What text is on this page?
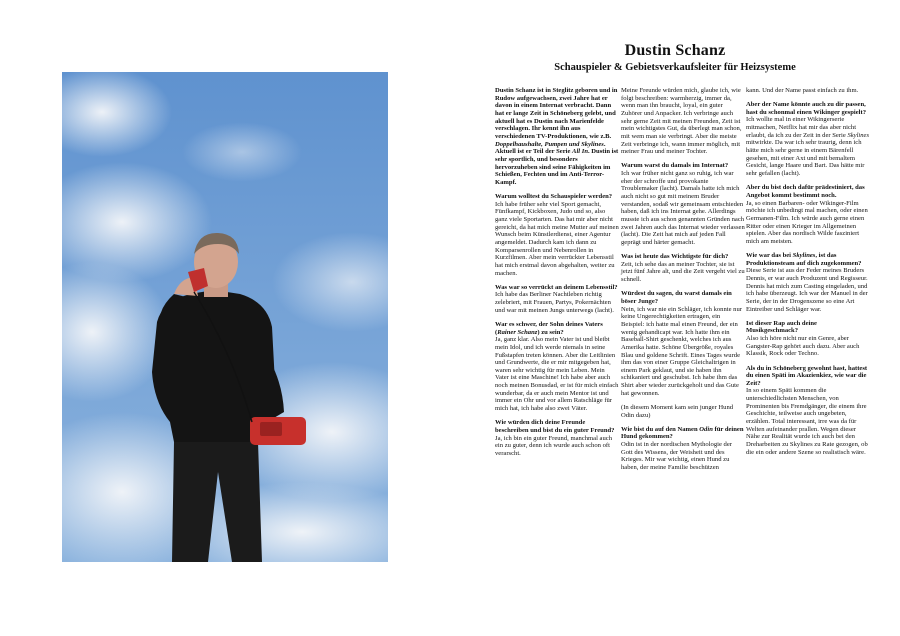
Dustin Schanz
Schauspieler & Gebietsverkaufsleiter für Heizsysteme

Dustin Schanz ist in Steglitz geboren und in Rudow aufgewachsen, zwei Jahre hat er davon in einem Internat verbracht. Dann hat er lange Zeit in Schöneberg gelebt, und aktuell hat es Dustin nach Marienfelde verschlagen. Ihr kennt ihn aus verschiedenen TV-Produktionen, wie z.B. Doppelhaushalte, Pumpen und Skylines. Aktuell ist er Teil der Serie All In. Dustin ist sehr sportlich, und besonders hervorzuheben sind seine Fähigkeiten im Schießen, Fechten und im Anti-Terror-Kampf.

Warum wolltest du Schauspieler werden?

Ich habe früher sehr viel Sport gemacht, Fünfkampf, Kickboxen, Judo und so, also ganz viele Sportarten. Das hat mir aber nicht gereicht, da hat mich meine Mutter auf meinen Wunsch beim Künstlerdienst, einer Agentur angemeldet. Dadurch kam ich dann zu Komparsenrollen und Nebenrollen in Kurzfilmen. Aber mein verrückter Lebensstil hat mich erstmal davon abgehalten, weiter zu machen.

Was war so verrückt an deinem Lebensstil?

Ich habe das Berliner Nachtleben richtig zelebriert, mit Frauen, Partys, Pokernächten und war mit meinen Jungs unterwegs (lacht).

War es schwer, der Sohn deines Vaters (Rainer Schanz) zu sein?

Ja, ganz klar. Also mein Vater ist und bleibt mein Idol, und ich werde niemals in seine Fußstapfen treten können. Aber die Leitlinien und Grundwerte, die er mir mitgegeben hat, waren sehr wichtig für mein Leben. Mein Vater ist eine Maschine! Ich habe aber auch noch meinen Bonusdad, er ist für mich einfach wunderbar, da er auch mein Mentor ist und immer ein Ohr und vor allem Ratschläge für mich hat, ich habe also zwei Väter.

Wie würden dich deine Freunde beschreiben und bist du ein guter Freund?

Ja, ich bin ein guter Freund, manchmal auch ein zu guter, denn ich wurde auch schon oft verarscht.

Meine Freunde würden mich, glaube ich, wie folgt beschreiben: warmherzig, immer da, wenn man ihn braucht, loyal, ein guter Zuhörer und Anpacker. Ich verbringe auch sehr gerne Zeit mit meinen Freunden, Zeit ist mein wichtigstes Gut, da überlegt man schon, mit wem man sie verbringt. Aber die meiste Zeit verbringe ich, wann immer möglich, mit meiner Frau und meiner Tochter.

Warum warst du damals im Internat?

Ich war früher nicht ganz so ruhig, ich war eher der schroffe und provokante Troublemaker (lacht). Damals hatte ich mich auch nicht so gut mit meinem Bruder verstanden, sodaß wir gemeinsam entschieden haben, daß ich ins Internat gehe. Allerdings musste ich aus schon genannten Gründen nach zwei Jahren auch das Internat wieder verlassen (lacht). Die Zeit hat mich auf jeden Fall geprägt und härter gemacht.

Was ist heute das Wichtigste für dich?

Zeit, ich sehe das an meiner Tochter, sie ist jetzt fünf Jahre alt, und die Zeit vergeht viel zu schnell.

Würdest du sagen, du warst damals ein böser Junge?

Nein, ich war nie ein Schläger, ich konnte nur keine Ungerechtigkeiten ertragen, ein Beispiel: ich hatte mal einen Freund, der ein wenig gehandicapt war. Ich hatte ihm ein Baseball-Shirt geschenkt, welches ich aus Amerika hatte. Schöne Übergröße, royales Blau und goldene Schrift. Eines Tages wurde ihm das von einer Gruppe Gleichaltrigen in einem Park geklaut, und sie haben ihn schikaniert und geschubst. Ich habe ihm das Shirt aber wieder zurückgeholt und das Gute hat gewonnen.

(In diesem Moment kam sein junger Hund Odin dazu)

Wie bist du auf den Namen Odin für deinen Hund gekommen?

Odin ist in der nordischen Mythologie der Gott des Wissens, der Weisheit und des Krieges. Mir war wichtig, einen Hund zu haben, der meine Familie beschützen

kann. Und der Name passt einfach zu ihm.

Aber der Name könnte auch zu dir passen, hast du schonmal einen Wikinger gespielt?

Ich wollte mal in einer Wikingerserie mitmachen, Netflix hat mir das aber nicht erlaubt, da ich zu der Zeit in der Serie Skylines mitwirkte. Da war ich sehr traurig, denn ich hätte mich sehr gerne in einem Bärenfell gesehen, mit einer Axt und mit bemaltem Gesicht, lange Haare und Bart. Das hätte mir sehr gefallen (lacht).

Aber du bist doch dafür prädestiniert, das Angebot kommt bestimmt noch.

Ja, so einen Barbaren- oder Wikinger-Film möchte ich unbedingt mal machen, oder einen Germanen-Film. Ich würde auch gerne einen Ritter oder einen Krieger im Allgemeinen spielen. Aber das nordisch Wilde fasziniert mich am meisten.

Wie war das bei Skylines, ist das Produktionsteam auf dich zugekommen?

Diese Serie ist aus der Feder meines Bruders Dennis, er war auch Produzent und Regisseur. Dennis hat mich zum Casting eingeladen, und ich habe überzeugt. Ich war der Manuel in der Serie, der in der Drogenszene so eine Art Eintreiber und Schläger war.

Ist dieser Rap auch deine Musikgeschmack?

Also ich höre nicht nur ein Genre, aber Gangster-Rap gehört auch dazu. Aber auch Klassik, Rock oder Techno.

Als du in Schöneberg gewohnt hast, hattest du einen Späti im Akazienkiez, wie war die Zeit?

In so einem Späti kommen die unterschiedlichsten Menschen, von Prominenten bis Fremdgänger, die einem ihre Geschichte, teilweise auch ungebeten, erzählen. Total interessant, irre was da für Welten aufeinander prallen. Wegen dieser Nähe zur Realität wurde ich auch bei den Dreharbeiten zu Skylines zu Rate gezogen, ob die ein oder andere Szene so realistisch wäre.
